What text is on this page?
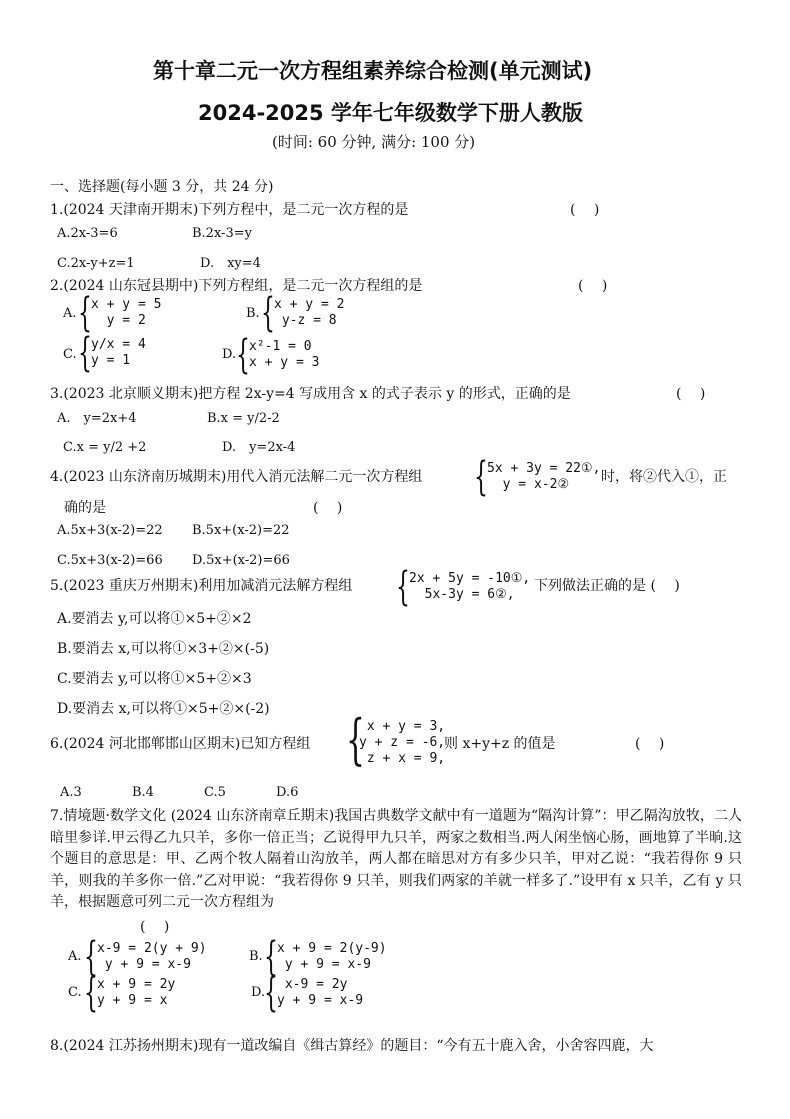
第十章二元一次方程组素养综合检测(单元测试)
2024-2025 学年七年级数学下册人教版
(时间: 60 分钟, 满分: 100 分)
一、选择题(每小题 3 分，共 24 分)
1.(2024 天津南开期末)下列方程中，是二元一次方程的是	(　 )
A.2x-3=6	B.2x-3=y
C.2x-y+z=1	D.　xy=4
2.(2024 山东冠县期中)下列方程组，是二元一次方程组的是	(　 )
A. { x + y = 5
y = 2	B. { x + y = 2
y-z = 8
C. { y/x = 4
y = 1	D. { x²-1 = 0
x + y = 3
3.(2023 北京顺义期末)把方程 2x-y=4 写成用含 x 的式子表示 y 的形式，正确的是	(　 )
A.　y=2x+4	B.x = y/2-2
C.x = y/2 +2	D.　y=2x-4
4.(2023 山东济南历城期末)用代入消元法解二元一次方程组 { 5x + 3y = 22①,
y = x-2②	时，将②代入①，正
确的是	(　 )
A.5x+3(x-2)=22 B.5x+(x-2)=22
C.5x+3(x-2)=66 D.5x+(x-2)=66
5.(2023 重庆万州期末)利用加减消元法解方程组 { 2x + 5y = -10①,
5x-3y = 6②,
下列做法正确的是 (　 )
A.要消去 y,可以将①×5+②×2
B.要消去 x,可以将①×3+②×(-5)
C.要消去 y,可以将①×5+②×3
D.要消去 x,可以将①×5+②×(-2)
6.(2024 河北邯郸邯山区期末)已知方程组 {
x + y = 3,
y + z = -6,
z + x = 9,
则 x+y+z 的值是	(　 )
A.3	B.4	C.5	D.6
7.情境题·数学文化 (2024 山东济南章丘期末)我国古典数学文献中有一道题为“隔沟计算”：甲乙隔沟放牧，二人暗里参详.甲云得乙九只羊，多你一倍正当；乙说得甲九只羊，两家之数相当.两人闲坐恼心肠，画地算了半晌.这个题目的意思是：甲、乙两个牧人隔着山沟放羊，两人都在暗思对方有多少只羊，甲对乙说：“我若得你 9 只羊，则我的羊多你一倍.”乙对甲说：“我若得你 9 只羊，则我们两家的羊就一样多了.”设甲有 x 只羊，乙有 y 只羊，根据题意可列二元一次方程组为
(　 )
A. { x-9 = 2(y + 9)
y + 9 = x-9
B. { x + 9 = 2(y-9)
y + 9 = x-9
C. { x + 9 = 2y
y + 9 = x
D.
{ x-9 = 2y
y + 9 = x-9
8.(2024 江苏扬州期末)现有一道改编自《缉古算经》的题目：“今有五十鹿入舍，小舍容四鹿，大
